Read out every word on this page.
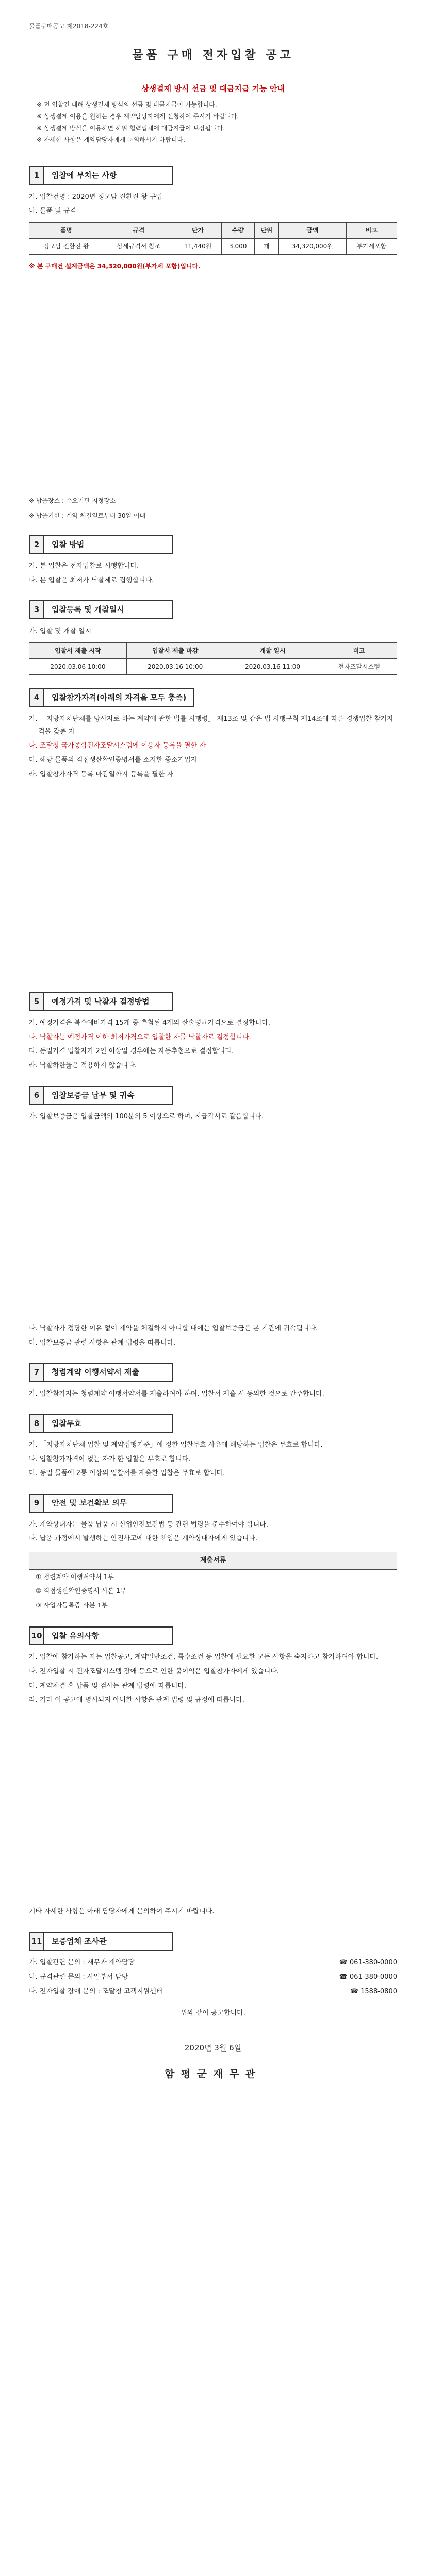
물품구매공고 제2018-224호
물품 구매 전자입찰 공고
상생결제 방식 선금 및 대금지급 기능 안내
※ 전 입찰건 대해 상생결제 방식의 선금 및 대금지급이 가능합니다.
※ 상생결제 이용을 원하는 경우 계약담당자에게 신청하여 주시기 바랍니다.
※ 상생결제 방식을 이용하면 하위 협력업체에 대금지급이 보장됩니다.
※ 자세한 사항은 계약담당자에게 문의하시기 바랍니다.
1	입찰에 부치는 사항
가. 입찰건명 : 2020년 정모담 진환진 왕 구입
나. 물품 및 규격
품명	규격	단가	수량	단위	금액	비고
정모담 진환진 왕	상세규격서 참조	11,440원	3,000	개	34,320,000원	부가세포함
※ 본 구매건 설계금액은 34,320,000원(부가세 포함)입니다.
※ 납품장소 : 수요기관 지정장소
※ 납품기한 : 계약 체결일로부터 30일 이내
2	입찰 방법
가. 본 입찰은 전자입찰로 시행합니다.
나. 본 입찰은 최저가 낙찰제로 집행합니다.
3	입찰등록 및 개찰일시
가. 입찰 및 개찰 일시
입찰서 제출 시작	입찰서 제출 마감	개찰 일시	비고
2020.03.06 10:00	2020.03.16 10:00	2020.03.16 11:00	전자조달시스템
4	입찰참가자격(아래의 자격을 모두 충족)
가. 「지방자치단체를 당사자로 하는 계약에 관한 법률 시행령」 제13조 및 같은 법 시행규칙 제14조에 따른 경쟁입찰 참가자격을 갖춘 자
나. 조달청 국가종합전자조달시스템에 이용자 등록을 필한 자
다. 해당 물품의 직접생산확인증명서를 소지한 중소기업자
라. 입찰참가자격 등록 마감일까지 등록을 필한 자
5	예정가격 및 낙찰자 결정방법
가. 예정가격은 복수예비가격 15개 중 추첨된 4개의 산술평균가격으로 결정합니다.
나. 낙찰자는 예정가격 이하 최저가격으로 입찰한 자를 낙찰자로 결정합니다.
다. 동일가격 입찰자가 2인 이상일 경우에는 자동추첨으로 결정합니다.
라. 낙찰하한율은 적용하지 않습니다.
6	입찰보증금 납부 및 귀속
가. 입찰보증금은 입찰금액의 100분의 5 이상으로 하며, 지급각서로 갈음합니다.
나. 낙찰자가 정당한 이유 없이 계약을 체결하지 아니할 때에는 입찰보증금은 본 기관에 귀속됩니다.
다. 입찰보증금 관련 사항은 관계 법령을 따릅니다.
7	청렴계약 이행서약서 제출
가. 입찰참가자는 청렴계약 이행서약서를 제출하여야 하며, 입찰서 제출 시 동의한 것으로 간주합니다.
8	입찰무효
가. 「지방자치단체 입찰 및 계약집행기준」에 정한 입찰무효 사유에 해당하는 입찰은 무효로 합니다.
나. 입찰참가자격이 없는 자가 한 입찰은 무효로 합니다.
다. 동일 물품에 2통 이상의 입찰서를 제출한 입찰은 무효로 합니다.
9	안전 및 보건확보 의무
가. 계약상대자는 물품 납품 시 산업안전보건법 등 관련 법령을 준수하여야 합니다.
나. 납품 과정에서 발생하는 안전사고에 대한 책임은 계약상대자에게 있습니다.
제출서류
① 청렴계약 이행서약서 1부
② 직접생산확인증명서 사본 1부
③ 사업자등록증 사본 1부
10	입찰 유의사항
가. 입찰에 참가하는 자는 입찰공고, 계약일반조건, 특수조건 등 입찰에 필요한 모든 사항을 숙지하고 참가하여야 합니다.
나. 전자입찰 시 전자조달시스템 장애 등으로 인한 불이익은 입찰참가자에게 있습니다.
다. 계약체결 후 납품 및 검사는 관계 법령에 따릅니다.
라. 기타 이 공고에 명시되지 아니한 사항은 관계 법령 및 규정에 따릅니다.
기타 자세한 사항은 아래 담당자에게 문의하여 주시기 바랍니다.
11	보증업체 조사관
가. 입찰관련 문의 : 재무과 계약담당	☎ 061-380-0000
나. 규격관련 문의 : 사업부서 담당	☎ 061-380-0000
다. 전자입찰 장애 문의 : 조달청 고객지원센터	☎ 1588-0800
위와 같이 공고합니다.
2020년 3월 6일
함평군재무관
